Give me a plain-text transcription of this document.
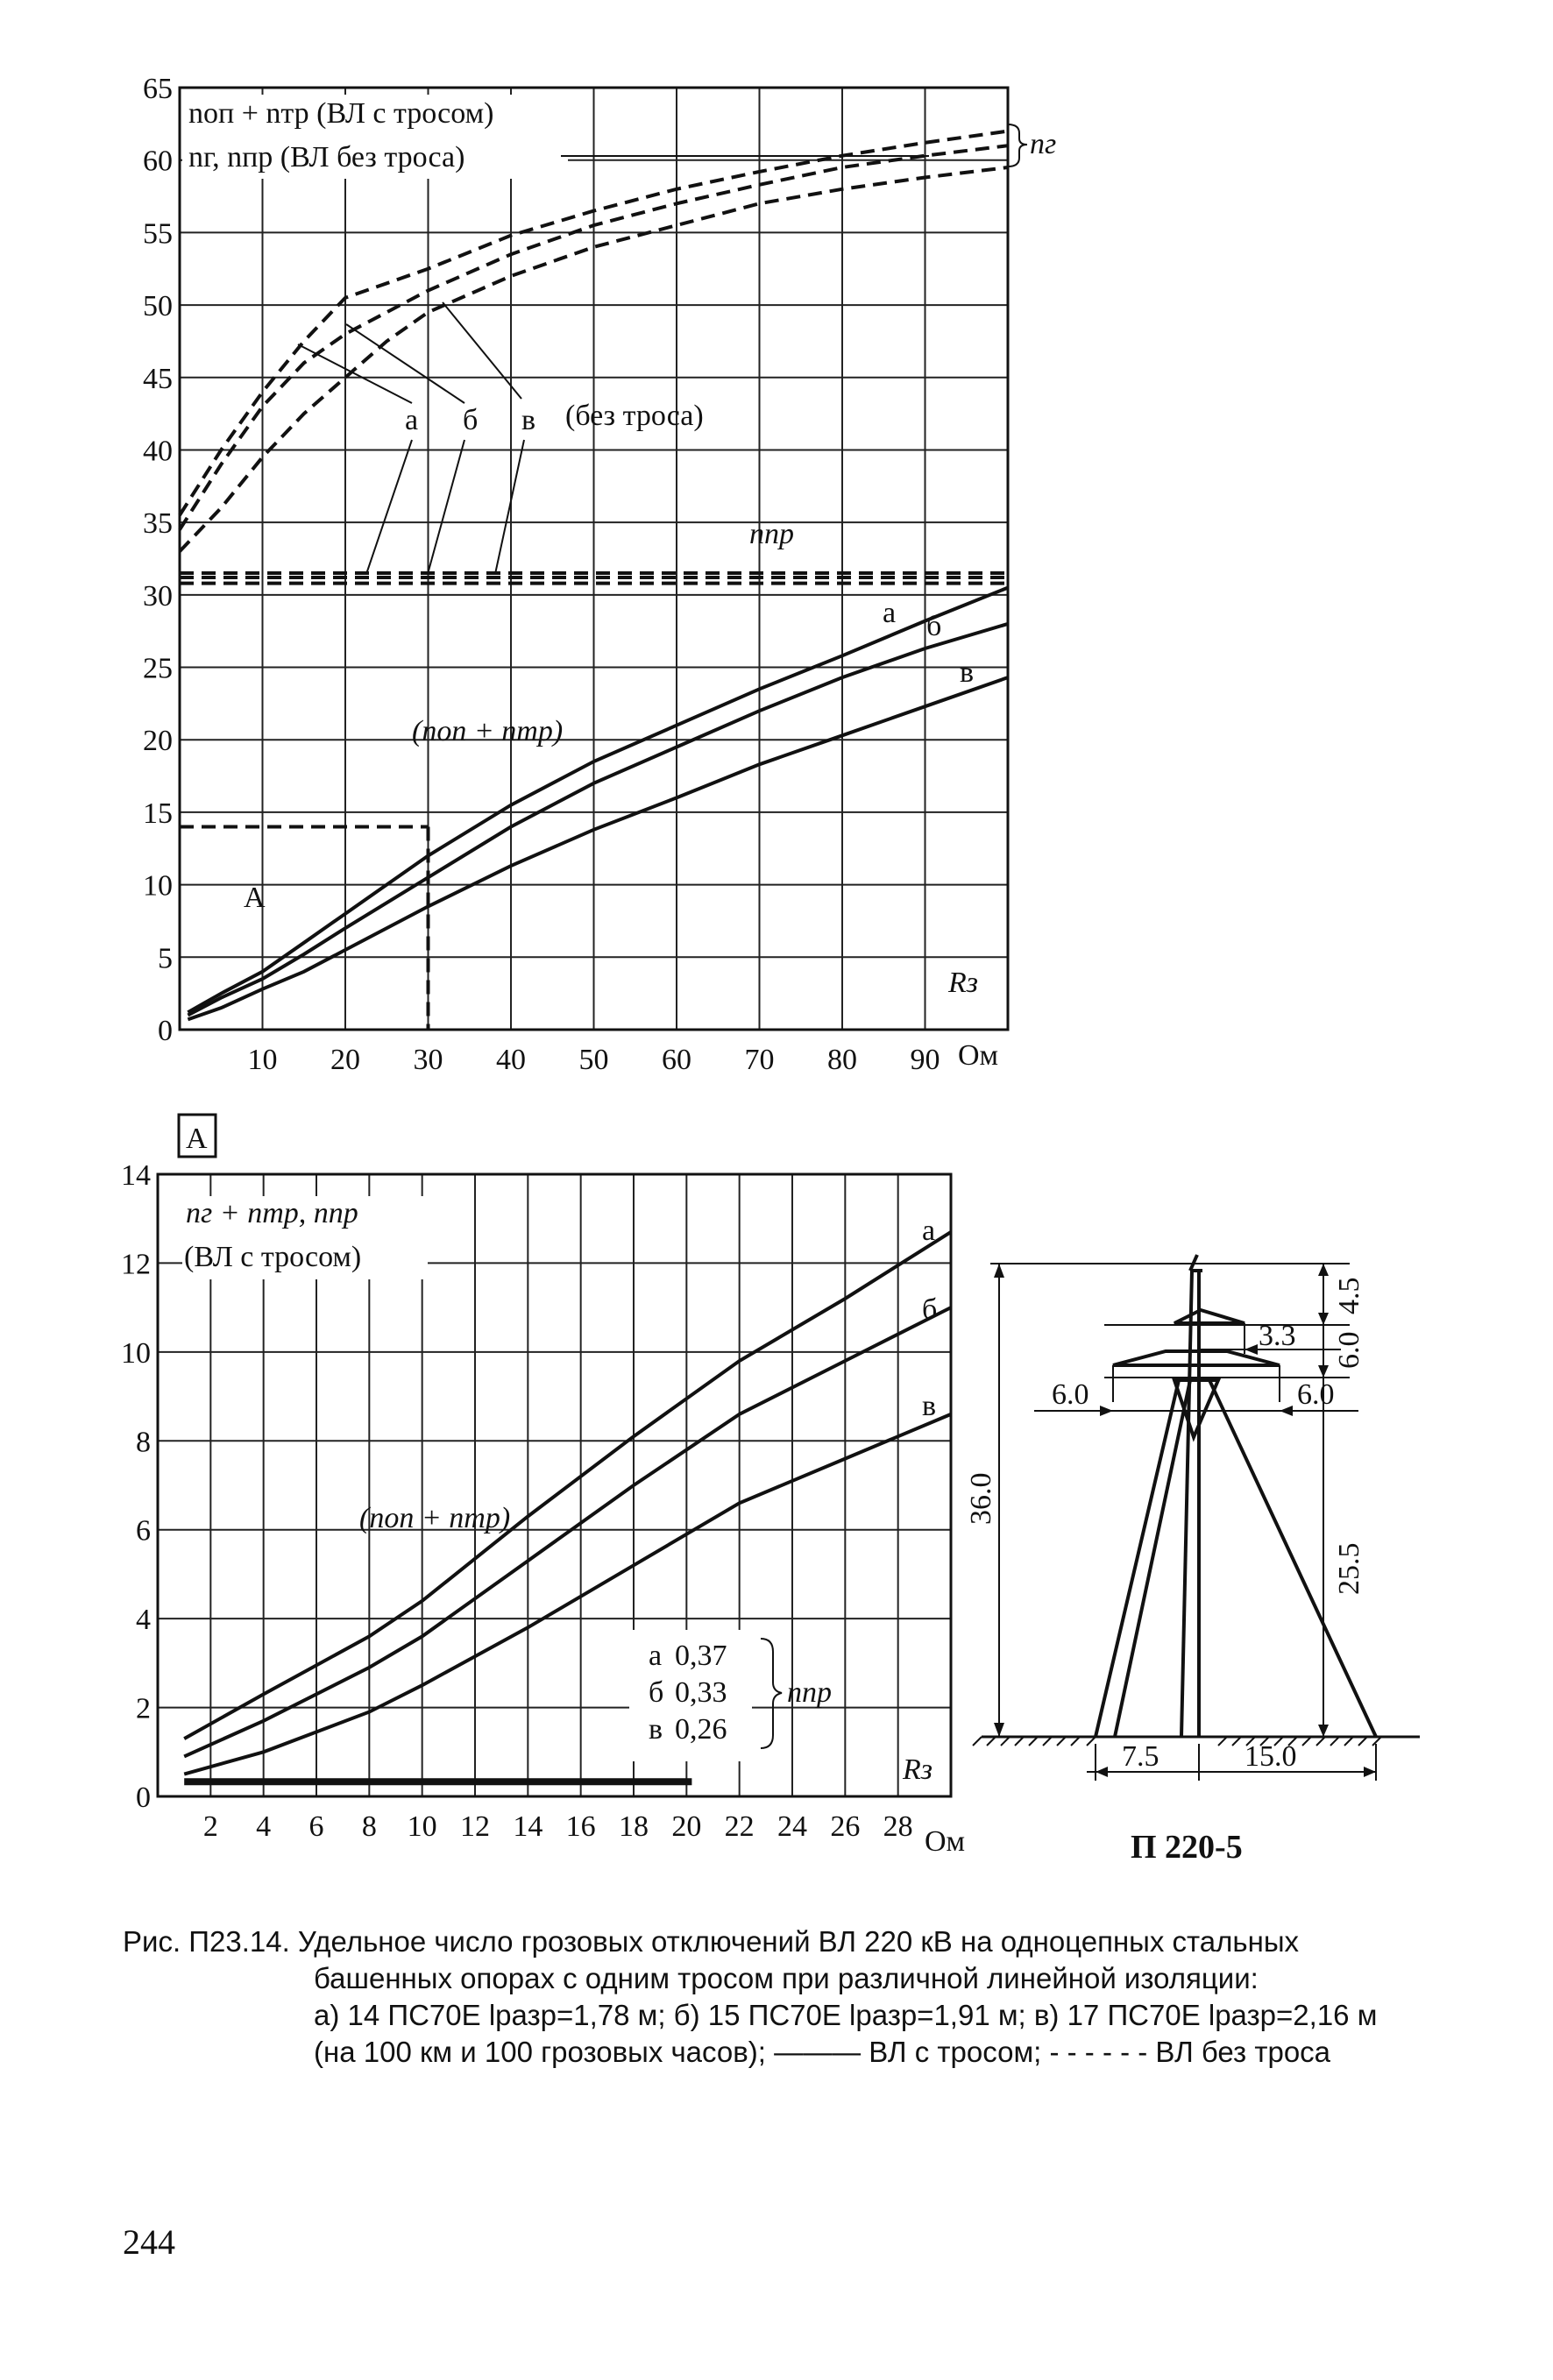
10 20 30 40 50 60 70 80 90
0
5
10
15
20
25
30
35
40
45
50
55
60
65
nоп + nтр (ВЛ с тросом)
nг, nпр (ВЛ без троса)	nг
а б в (без троса)
nпр
а б
в
(nоп + nтр)
А
Rз
Ом
2 4 6 8 10 12 14 16 18 20 22 24 26 28
0
2
4
6
8
10
12
14
А
nг + nтр, nпр
(ВЛ с тросом)
а
б
в
(nоп + nтр)
а 0,37
б 0,33
в 0,26
nпр
Rз
Ом
3.3
6.0	6.0
7.5	15.0
36.0
4.5
6.0
25.5
П 220-5
Рис. П23.14. Удельное число грозовых отключений ВЛ 220 кВ на одноцепных стальных
башенных опорах с одним тросом при различной линейной изоляции:
а) 14 ПС70Е lразр=1,78 м; б) 15 ПС70Е lразр=1,91 м; в) 17 ПС70Е lразр=2,16 м
(на 100 км и 100 грозовых часов); ——— ВЛ с тросом; - - - - - - ВЛ без троса
244
